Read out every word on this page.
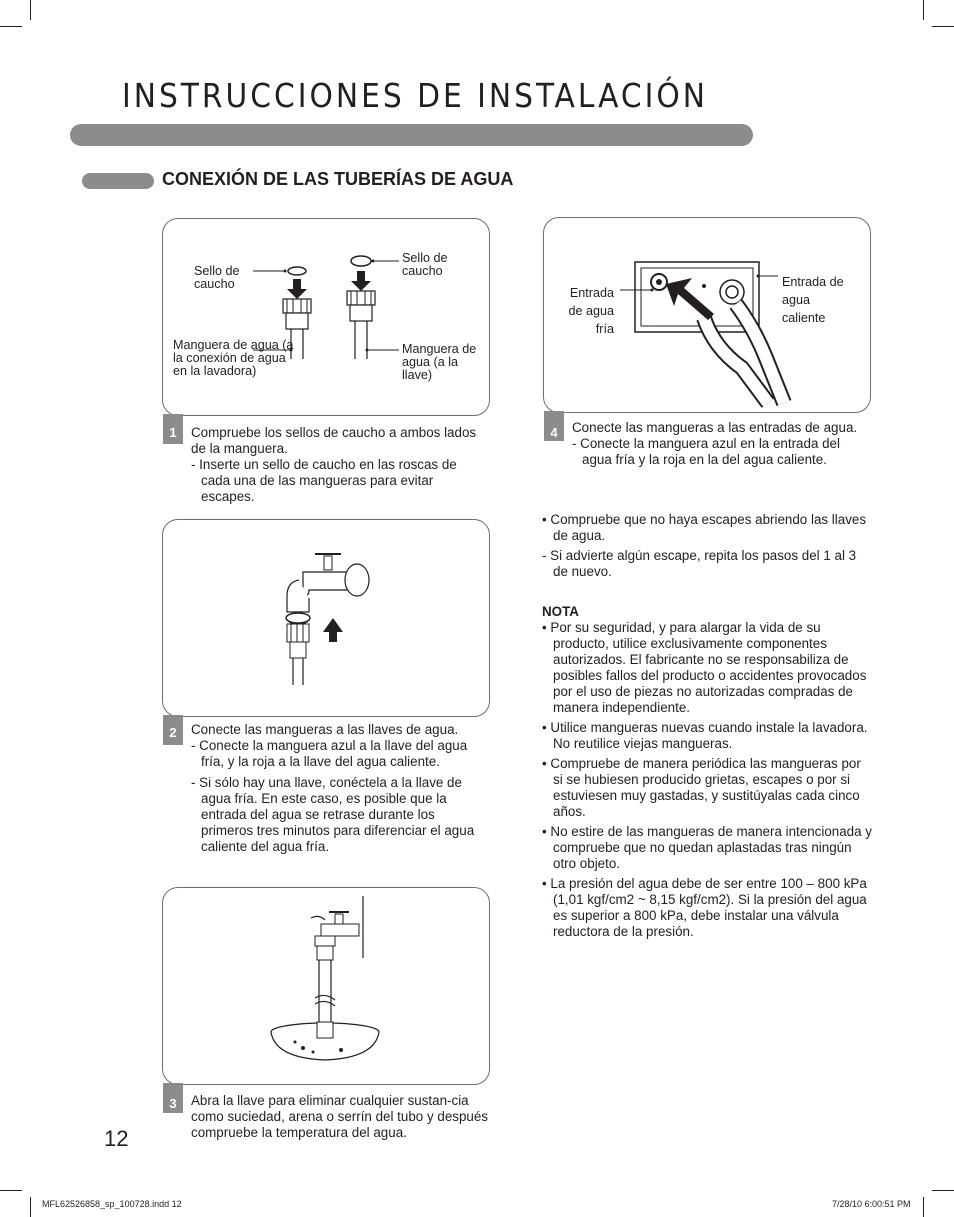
INSTRUCCIONES DE INSTALACIÓN
CONEXIÓN DE LAS TUBERÍAS DE AGUA
Sello de caucho
Sello de caucho
Manguera de agua (a la conexión de agua en la lavadora)
Manguera de agua (a la llave)
1	Compruebe los sellos de caucho a ambos lados de la manguera.
- Inserte un sello de caucho en las roscas de cada una de las mangueras para evitar escapes.
2	Conecte las mangueras a las llaves de agua.
- Conecte la manguera azul a la llave del agua fría, y la roja a la llave del agua caliente.
- Si sólo hay una llave, conéctela a la llave de agua fría. En este caso, es posible que la entrada del agua se retrase durante los primeros tres minutos para diferenciar el agua caliente del agua fría.
3	Abra la llave para eliminar cualquier sustan-cia como suciedad, arena o serrín del tubo y después compruebe la temperatura del agua.
Entrada de agua fría
Entrada de agua caliente
4	Conecte las mangueras a las entradas de agua.
- Conecte la manguera azul en la entrada del agua fría y la roja en la del agua caliente.
• Compruebe que no haya escapes abriendo las llaves de agua.
- Si advierte algún escape, repita los pasos del 1 al 3 de nuevo.
NOTA
• Por su seguridad, y para alargar la vida de su producto, utilice exclusivamente componentes autorizados. El fabricante no se responsabiliza de posibles fallos del producto o accidentes provocados por el uso de piezas no autorizadas compradas de manera independiente.
• Utilice mangueras nuevas cuando instale la lavadora. No reutilice viejas mangueras.
• Compruebe de manera periódica las mangueras por si se hubiesen producido grietas, escapes o por si estuviesen muy gastadas, y sustitúyalas cada cinco años.
• No estire de las mangueras de manera intencionada y compruebe que no quedan aplastadas tras ningún otro objeto.
• La presión del agua debe de ser entre 100 – 800 kPa (1,01 kgf/cm2 ~ 8,15 kgf/cm2). Si la presión del agua es superior a 800 kPa, debe instalar una válvula reductora de la presión.
12
MFL62526858_sp_100728.indd 12	7/28/10 6:00:51 PM
